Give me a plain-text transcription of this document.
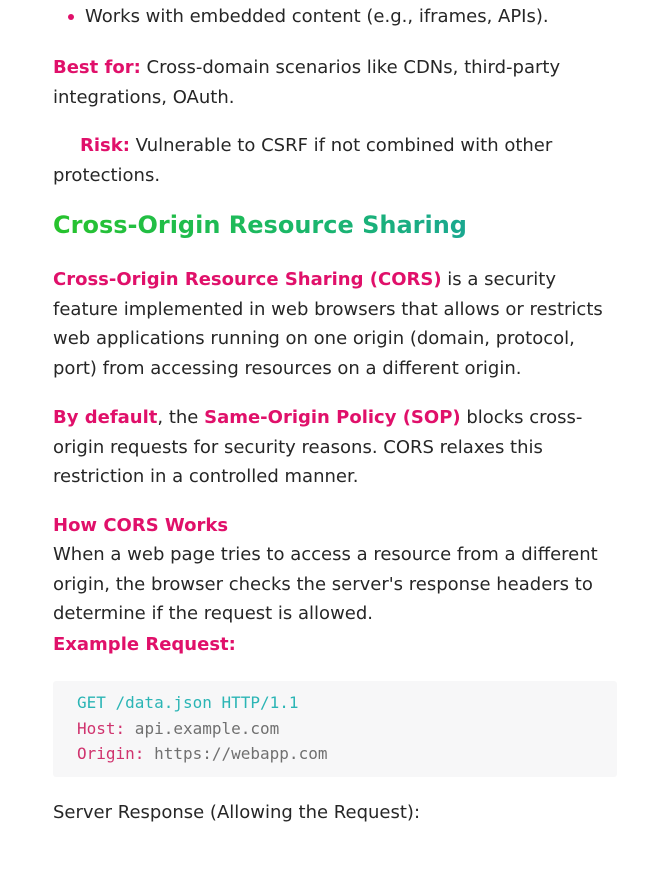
Works with embedded content (e.g., iframes, APIs).

Best for: Cross-domain scenarios like CDNs, third-party integrations, OAuth.

Risk: Vulnerable to CSRF if not combined with other protections.

Cross-Origin Resource Sharing

Cross-Origin Resource Sharing (CORS) is a security feature implemented in web browsers that allows or restricts web applications running on one origin (domain, protocol, port) from accessing resources on a different origin.

By default, the Same-Origin Policy (SOP) blocks cross-origin requests for security reasons. CORS relaxes this restriction in a controlled manner.

How CORS Works

When a web page tries to access a resource from a different origin, the browser checks the server's response headers to determine if the request is allowed.

Example Request:
GET /data.json HTTP/1.1
Host: api.example.com
Origin: https://webapp.com

Server Response (Allowing the Request):
